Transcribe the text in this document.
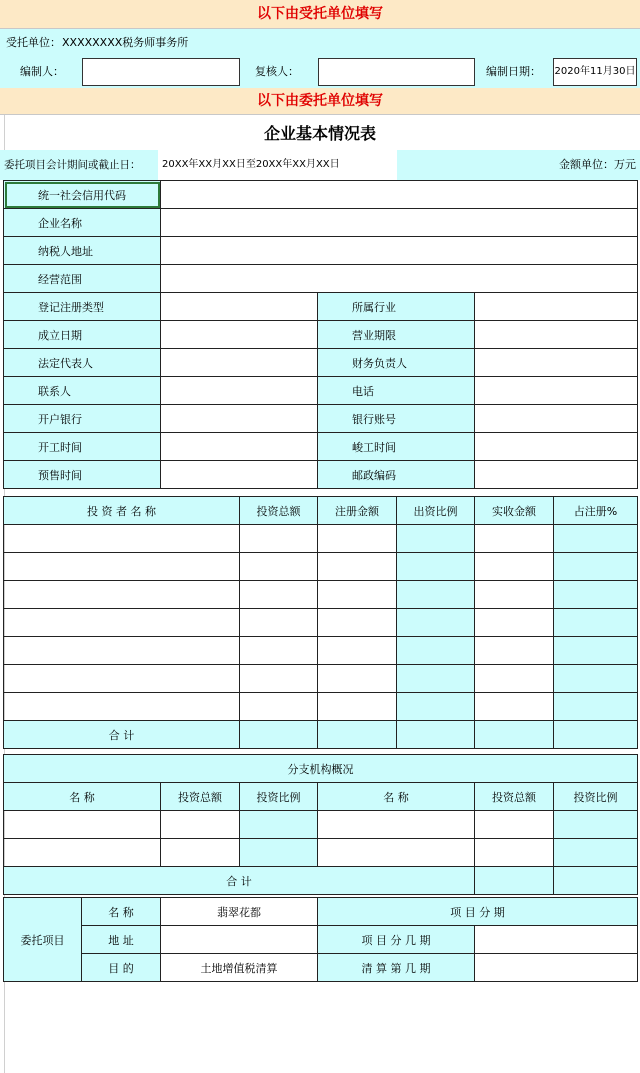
以下由受托单位填写
受托单位： XXXXXXXX税务师事务所
编制人：	复核人：	编制日期： 2020年11月30日
以下由委托单位填写
企业基本情况表
委托项目会计期间或截止日： 20XX年XX月XX日至20XX年XX月XX日	金额单位：万元
统一社会信用代码			
企业名称			
纳税人地址			
经营范围			
登记注册类型		所属行业	
成立日期		营业期限	
法定代表人		财务负责人	
联系人		电话	
开户银行		银行账号	
开工时间		峻工时间	
预售时间		邮政编码	
投 资 者 名 称	投资总额	注册金额	出资比例	实收金额	占注册%

合 计					
分支机构概况					
名 称	投资总额	投资比例	名 称	投资总额	投资比例

合 计					
委托项目	名 称	翡翠花都	项 目 分 期	
	地 址		项 目 分 几 期	
	目 的	土地增值税清算	清 算 第 几 期	
